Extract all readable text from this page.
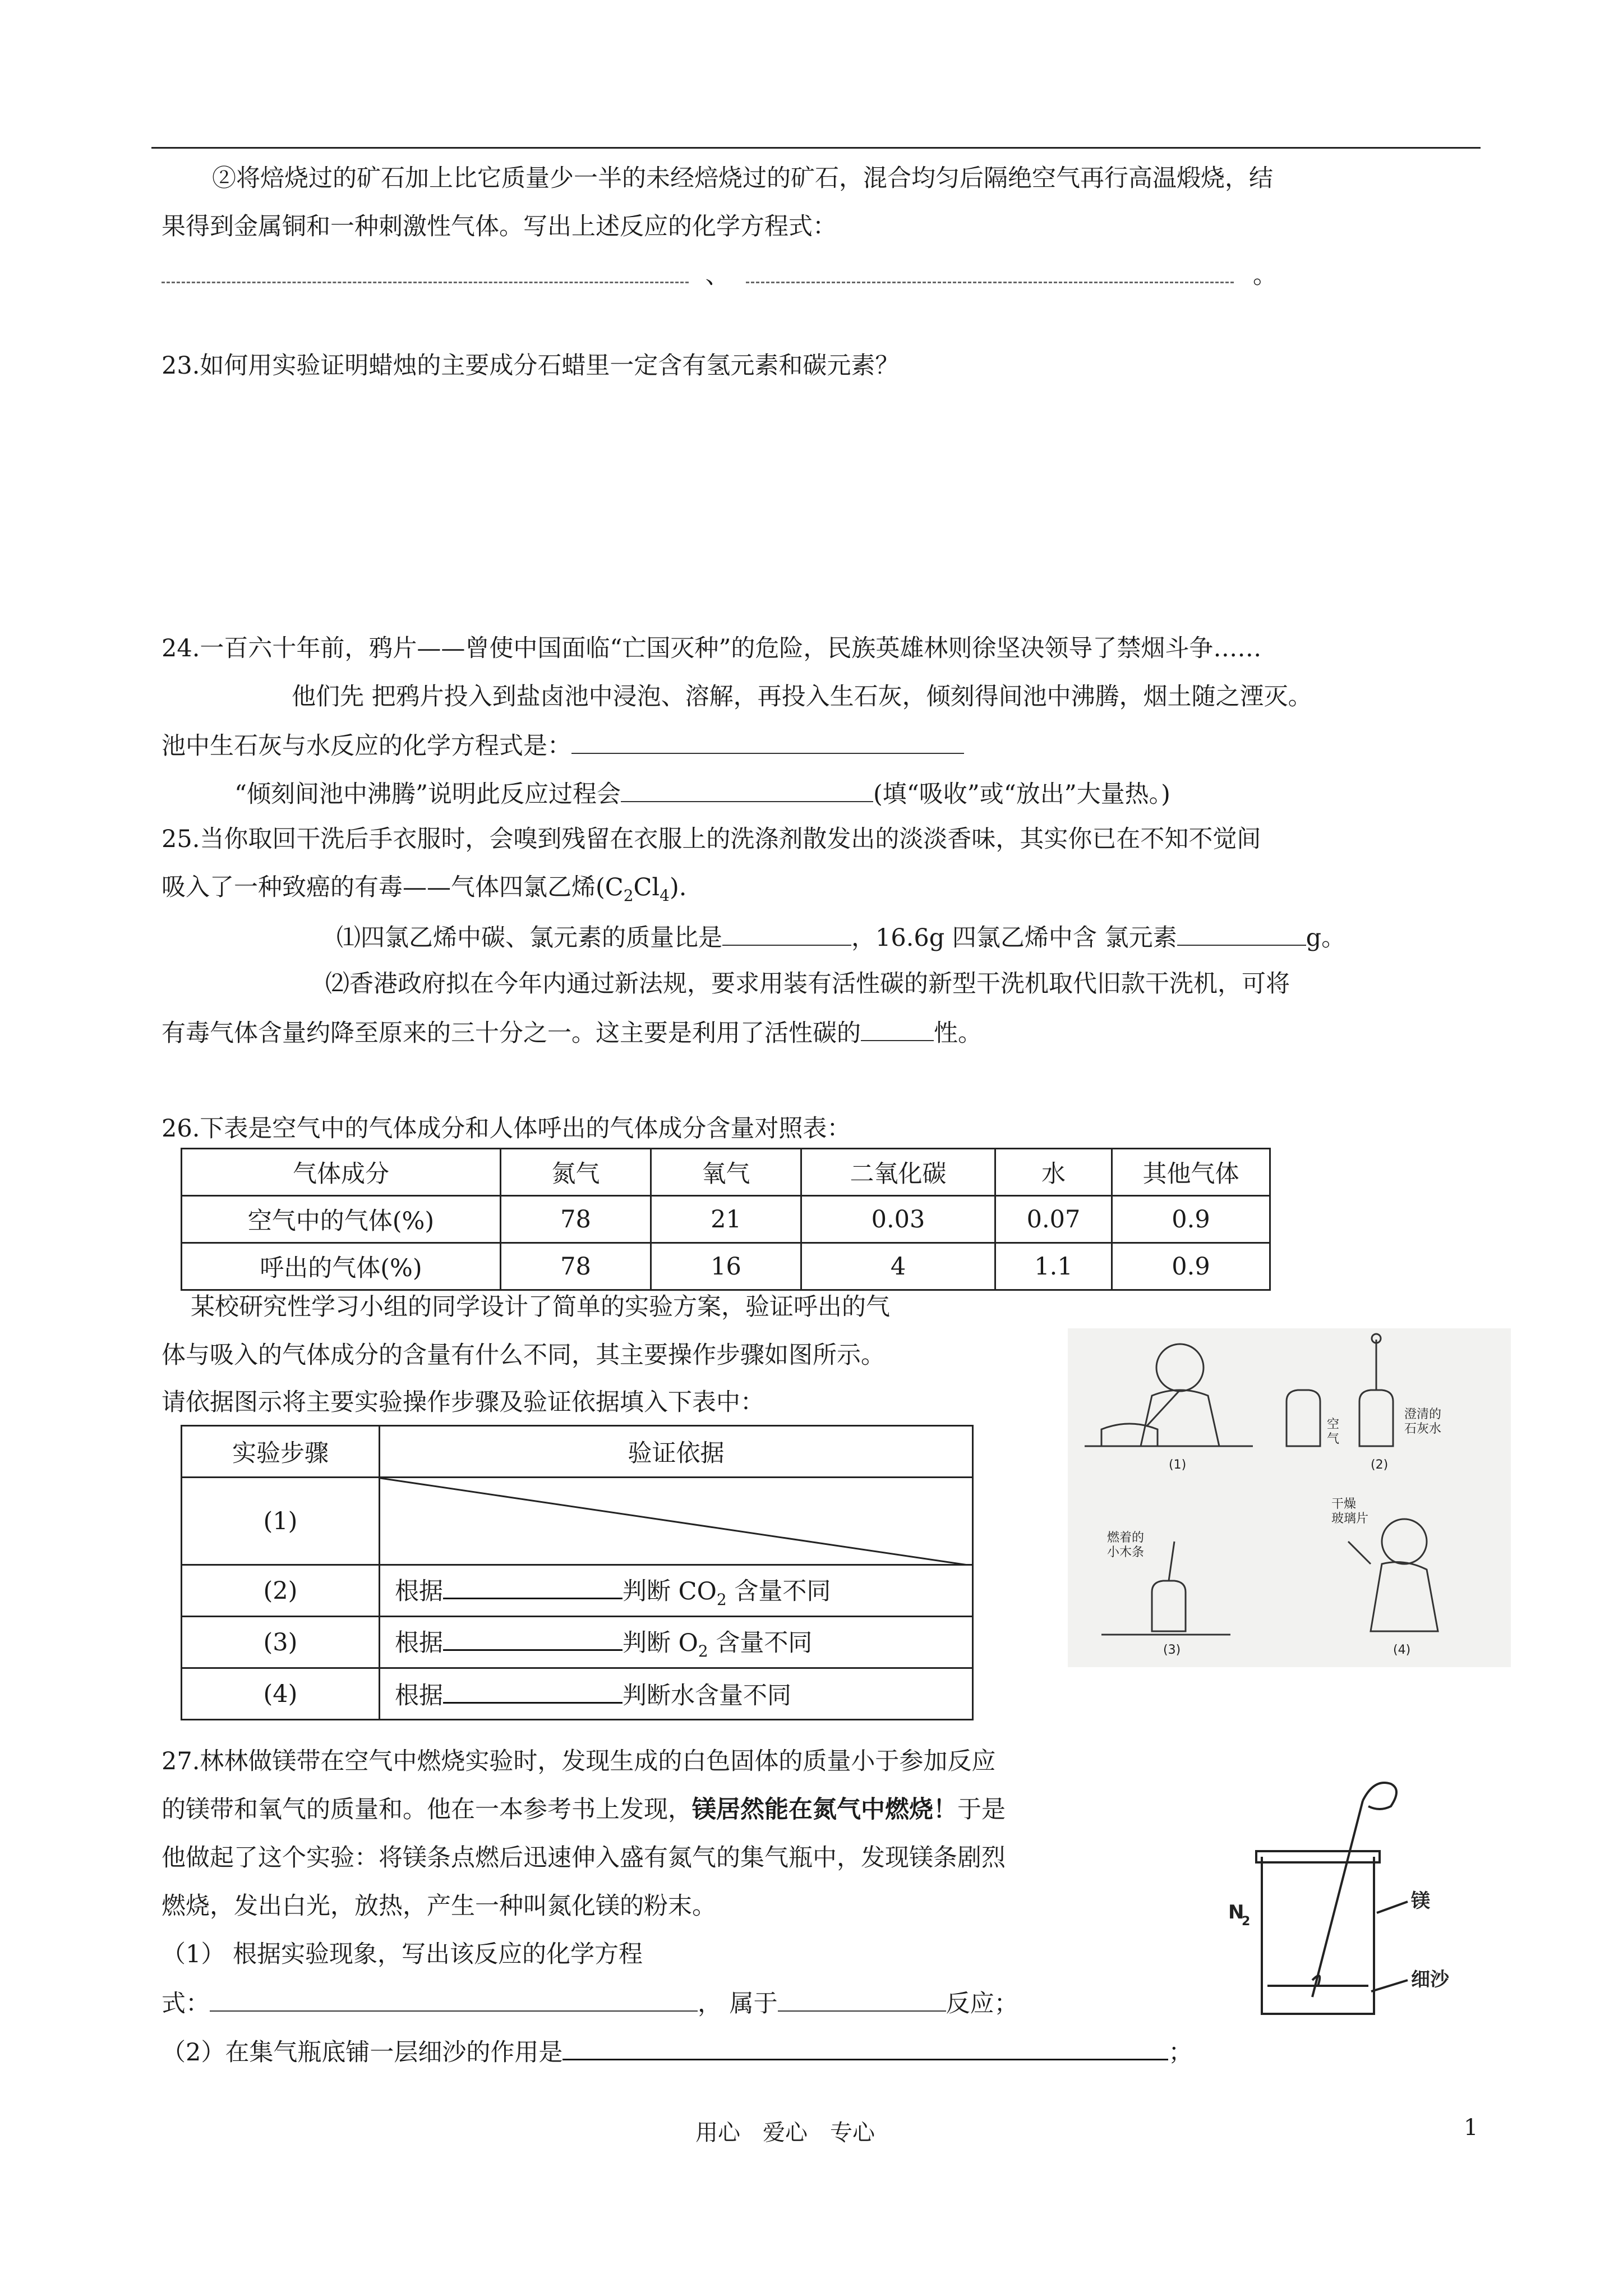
②将焙烧过的矿石加上比它质量少一半的未经焙烧过的矿石，混合均匀后隔绝空气再行高温煅烧，结
果得到金属铜和一种刺激性气体。写出上述反应的化学方程式：
、	。
23.如何用实验证明蜡烛的主要成分石蜡里一定含有氢元素和碳元素？
24.一百六十年前，鸦片——曾使中国面临“亡国灭种”的危险，民族英雄林则徐坚决领导了禁烟斗争……
他们先 把鸦片投入到盐卤池中浸泡、溶解，再投入生石灰，倾刻得间池中沸腾，烟土随之湮灭。
池中生石灰与水反应的化学方程式是：
“倾刻间池中沸腾”说明此反应过程会	(填“吸收”或“放出”大量热。)
25.当你取回干洗后手衣服时，会嗅到残留在衣服上的洗涤剂散发出的淡淡香味，其实你已在不知不觉间
吸入了一种致癌的有毒——气体四氯乙烯$(C_2Cl_4)$.
⑴四氯乙烯中碳、氯元素的质量比是	，16.6g 四氯乙烯中含 氯元素	g。
⑵香港政府拟在今年内通过新法规，要求用装有活性碳的新型干洗机取代旧款干洗机，可将
有毒气体含量约降至原来的三十分之一。这主要是利用了活性碳的	性。
26.下表是空气中的气体成分和人体呼出的气体成分含量对照表：
气体成分	氮气	氧气	二氧化碳	水	其他气体
空气中的气体(%)	78	21	0.03	0.07	0.9
呼出的气体(%)	78	16	4	1.1	0.9
某校研究性学习小组的同学设计了简单的实验方案，验证呼出的气
体与吸入的气体成分的含量有什么不同，其主要操作步骤如图所示。
请依据图示将主要实验操作步骤及验证依据填入下表中：
实验步骤	验证依据
(1)	

(2)	根据 判断 $CO_2$ 含量不同
(3)	根据 判断 $O_2$ 含量不同
(4)	根据 判断水含量不同
空
气
澄清的
石灰水
(1)	(2)
干燥
玻璃片
燃着的
小木条
(3)	(4)
27.林林做镁带在空气中燃烧实验时，发现生成的白色固体的质量小于参加反应
的镁带和氧气的质量和。他在一本参考书上发现，镁居然能在氮气中燃烧！于是
他做起了这个实验：将镁条点燃后迅速伸入盛有氮气的集气瓶中，发现镁条剧烈
燃烧，发出白光，放热，产生一种叫氮化镁的粉末。
（1） 根据实验现象，写出该反应的化学方程
式：	， 属于	反应；
（2）在集气瓶底铺一层细沙的作用是	；
N
2
镁
细沙
用心　爱心　专心	1
